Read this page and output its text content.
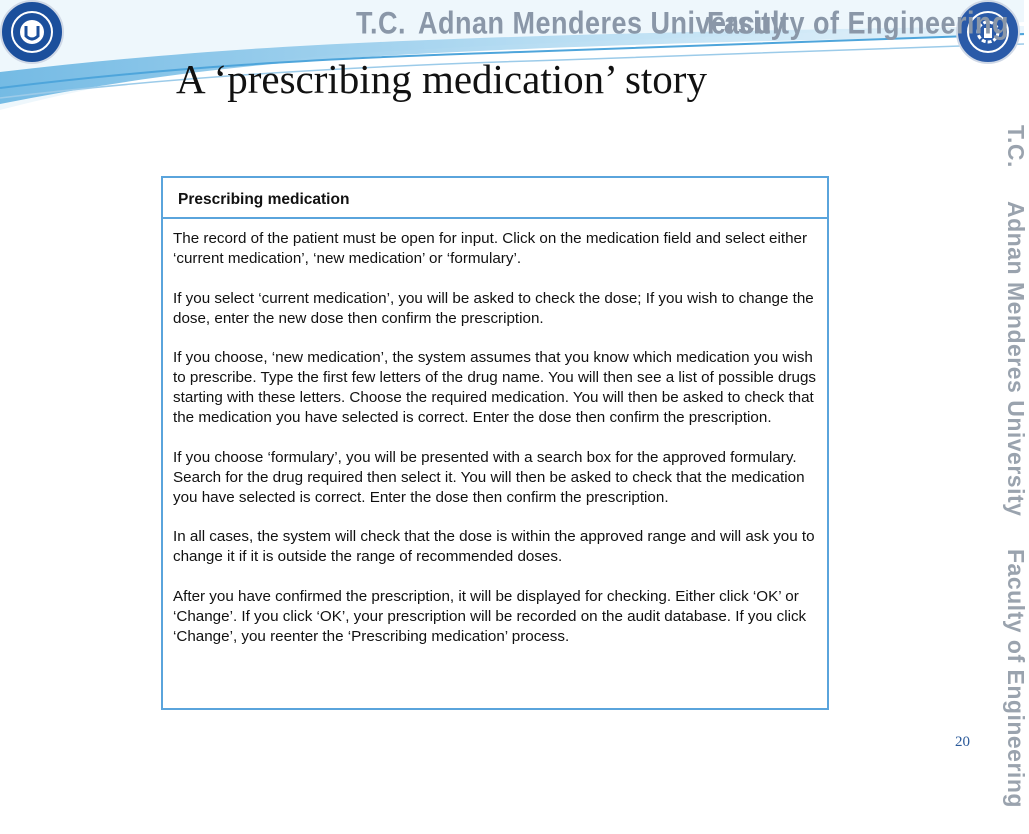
T.C. Adnan Menderes University
Faculty of Engineering
A ‘prescribing medication’ story
T.C. Adnan Menderes University Faculty of Engineering
Prescribing medication

The record of the patient must be open for input. Click on the medication field and select either ‘current medication’, ‘new medication’ or ‘formulary’.

If you select ‘current medication’, you will be asked to check the dose; If you wish to change the dose, enter the new dose then confirm the prescription.

If you choose, ‘new medication’, the system assumes that you know which medication you wish to prescribe. Type the first few letters of the drug name. You will then see a list of possible drugs starting with these letters. Choose the required medication. You will then be asked to check that the medication you have selected is correct. Enter the dose then confirm the prescription.

If you choose ‘formulary’, you will be presented with a search box for the approved formulary. Search for the drug required then select it. You will then be asked to check that the medication you have selected is correct. Enter the dose then confirm the prescription.

In all cases, the system will check that the dose is within the approved range and will ask you to change it if it is outside the range of recommended doses.

After you have confirmed the prescription, it will be displayed for checking. Either click ‘OK’ or ‘Change’. If you click ‘OK’, your prescription will be recorded on the audit database. If you click ‘Change’, you reenter the ‘Prescribing medication’ process.

20
